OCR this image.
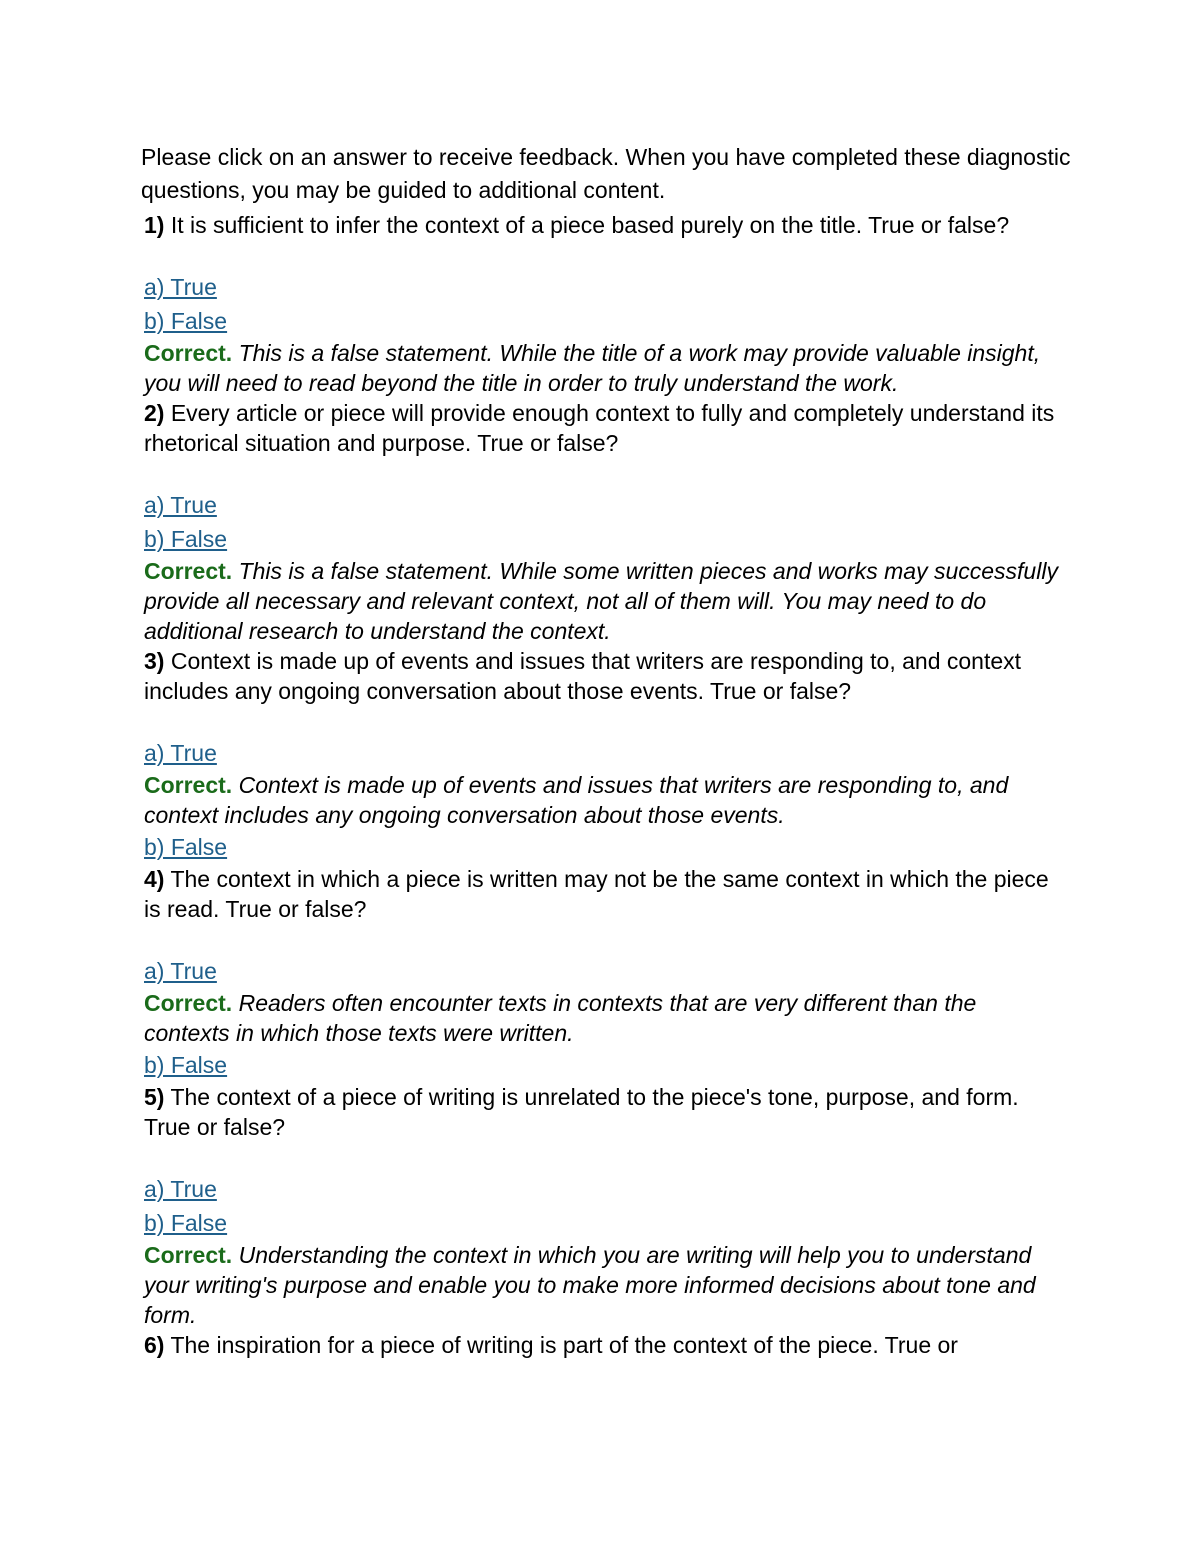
Please click on an answer to receive feedback. When you have completed these diagnostic questions, you may be guided to additional content.

1) It is sufficient to infer the context of a piece based purely on the title. True or false?

a) True
b) False

Correct. This is a false statement. While the title of a work may provide valuable insight, you will need to read beyond the title in order to truly understand the work.

2) Every article or piece will provide enough context to fully and completely understand its rhetorical situation and purpose. True or false?

a) True
b) False

Correct. This is a false statement. While some written pieces and works may successfully provide all necessary and relevant context, not all of them will. You may need to do additional research to understand the context.

3) Context is made up of events and issues that writers are responding to, and context includes any ongoing conversation about those events. True or false?

a) True

Correct. Context is made up of events and issues that writers are responding to, and context includes any ongoing conversation about those events.

b) False

4) The context in which a piece is written may not be the same context in which the piece is read. True or false?

a) True

Correct. Readers often encounter texts in contexts that are very different than the contexts in which those texts were written.

b) False

5) The context of a piece of writing is unrelated to the piece's tone, purpose, and form. True or false?

a) True
b) False

Correct. Understanding the context in which you are writing will help you to understand your writing's purpose and enable you to make more informed decisions about tone and form.

6) The inspiration for a piece of writing is part of the context of the piece. True or
